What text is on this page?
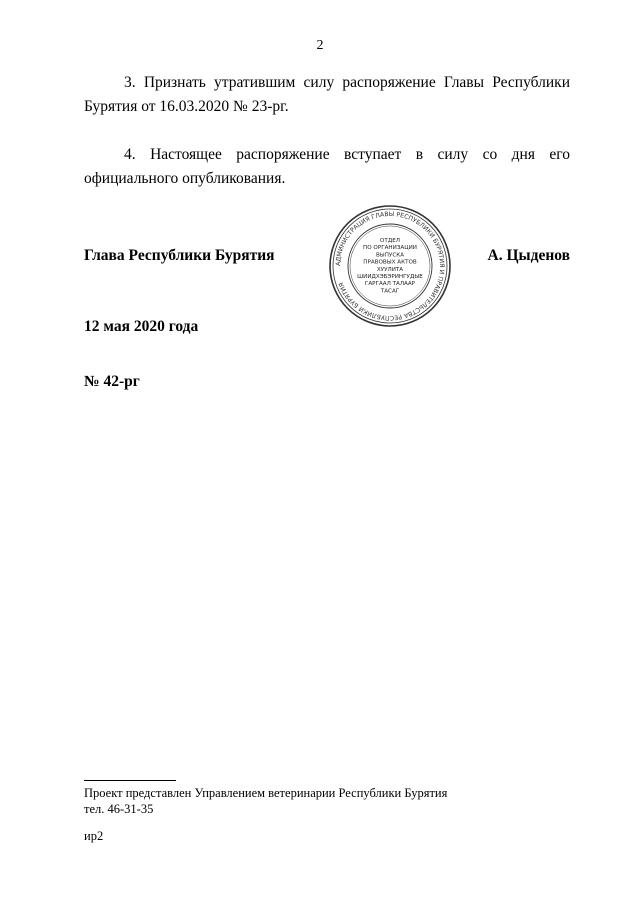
2

3. Признать утратившим силу распоряжение Главы Республики Бурятия от 16.03.2020 № 23-рг.

4. Настоящее распоряжение вступает в силу со дня его официального опубликования.

Глава Республики Бурятия	А. Цыденов
АДМИНИСТРАЦИЯ ГЛАВЫ РЕСПУБЛИКИ БУРЯТИЯ И ПРАВИТЕЛЬСТВА РЕСПУБЛИКИ БУРЯТИЯ
ОТДЕЛ
ПО ОРГАНИЗАЦИИ
ВЫПУСКА
ПРАВОВЫХ АКТОВ
ХУУЛИТА
ШИИДХЭБЭРИНГУДЫЕ
ГАРГААЛ ТАЛААР
ТАСАГ
12 мая 2020 года
№ 42-рг
Проект представлен Управлением ветеринарии Республики Бурятия
тел. 46-31-35
ир2
